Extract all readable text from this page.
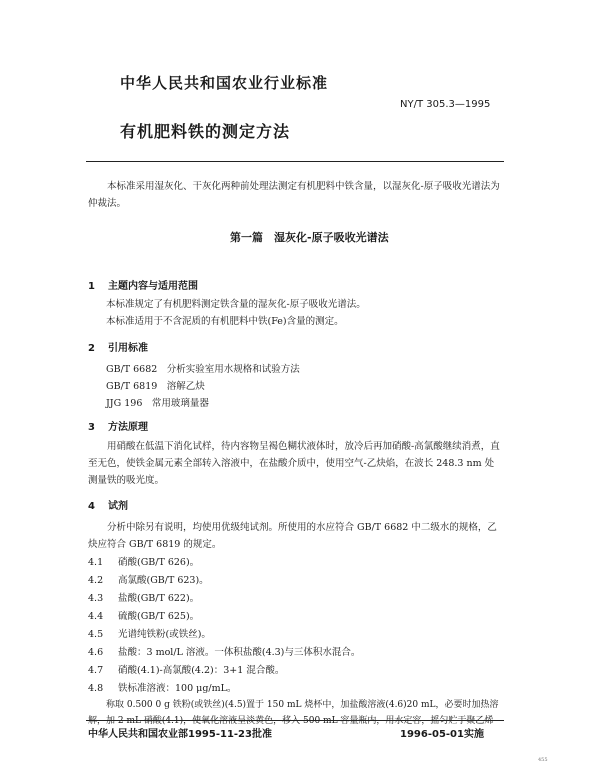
中华人民共和国农业行业标准
NY/T 305.3—1995
有机肥料铁的测定方法
本标准采用湿灰化、干灰化两种前处理法测定有机肥料中铁含量，以湿灰化-原子吸收光谱法为仲裁法。
第一篇　湿灰化-原子吸收光谱法
1 主题内容与适用范围
本标准规定了有机肥料测定铁含量的湿灰化-原子吸收光谱法。
本标准适用于不含泥质的有机肥料中铁(Fe)含量的测定。
2 引用标准
GB/T 6682　分析实验室用水规格和试验方法
GB/T 6819　溶解乙炔
JJG 196　常用玻璃量器
3 方法原理
用硝酸在低温下消化试样，待内容物呈褐色糊状液体时，放冷后再加硝酸-高氯酸继续消煮，直至无色，使铁金属元素全部转入溶液中，在盐酸介质中，使用空气-乙炔焰，在波长 248.3 nm 处测量铁的吸光度。
4 试剂
分析中除另有说明，均使用优级纯试剂。所使用的水应符合 GB/T 6682 中二级水的规格，乙炔应符合 GB/T 6819 的规定。
4.1 硝酸(GB/T 626)。
4.2 高氯酸(GB/T 623)。
4.3 盐酸(GB/T 622)。
4.4 硫酸(GB/T 625)。
4.5 光谱纯铁粉(或铁丝)。
4.6 盐酸：3 mol/L 溶液。一体积盐酸(4.3)与三体积水混合。
4.7 硝酸(4.1)-高氯酸(4.2)：3+1 混合酸。
4.8 铁标准溶液：100 μg/mL。
称取 0.500 0 g 铁粉(或铁丝)(4.5)置于 150 mL 烧杯中，加盐酸溶液(4.6)20 mL，必要时加热溶解，加 2 mL 硝酸(4.1)，使氧化溶液呈淡黄色，移入 500 mL 容量瓶内，用水定容，摇匀贮于聚乙烯
中华人民共和国农业部1995-11-23批准	1996-05-01实施
455
